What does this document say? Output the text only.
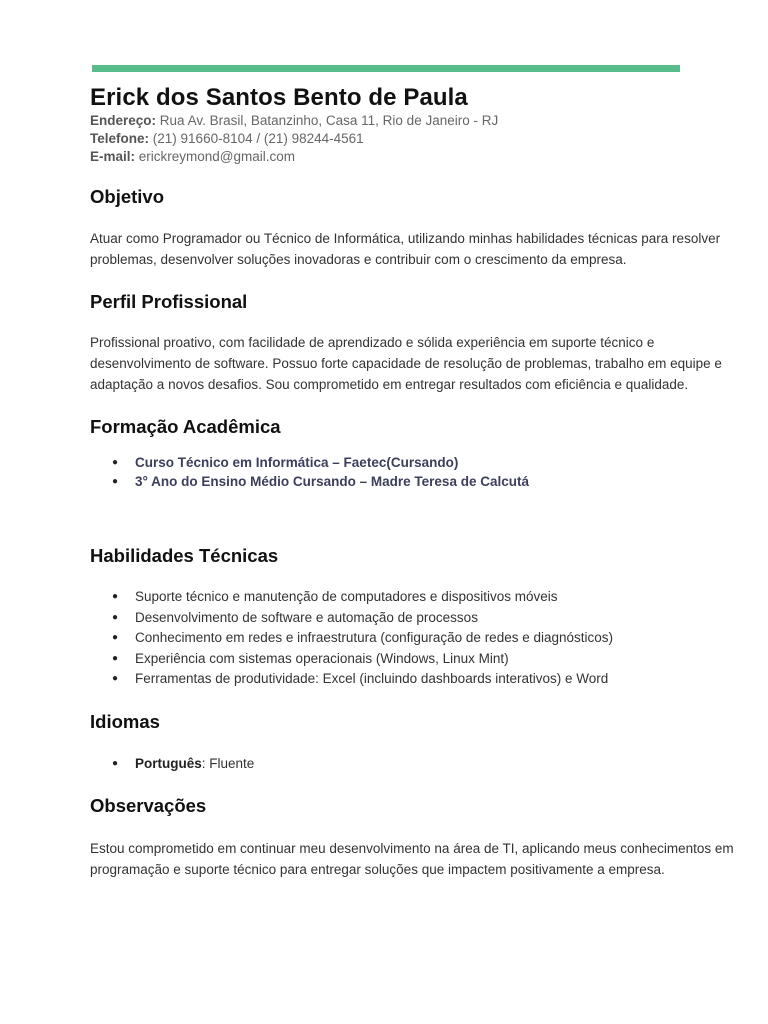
Erick dos Santos Bento de Paula
Endereço: Rua Av. Brasil, Batanzinho, Casa 11, Rio de Janeiro - RJ
Telefone: (21) 91660-8104 / (21) 98244-4561
E-mail: erickreymond@gmail.com
Objetivo
Atuar como Programador ou Técnico de Informática, utilizando minhas habilidades técnicas para resolver problemas, desenvolver soluções inovadoras e contribuir com o crescimento da empresa.
Perfil Profissional
Profissional proativo, com facilidade de aprendizado e sólida experiência em suporte técnico e desenvolvimento de software. Possuo forte capacidade de resolução de problemas, trabalho em equipe e adaptação a novos desafios. Sou comprometido em entregar resultados com eficiência e qualidade.
Formação Acadêmica
● Curso Técnico em Informática – Faetec(Cursando)
● 3° Ano do Ensino Médio Cursando – Madre Teresa de Calcutá
Habilidades Técnicas
● Suporte técnico e manutenção de computadores e dispositivos móveis
● Desenvolvimento de software e automação de processos
● Conhecimento em redes e infraestrutura (configuração de redes e diagnósticos)
● Experiência com sistemas operacionais (Windows, Linux Mint)
● Ferramentas de produtividade: Excel (incluindo dashboards interativos) e Word
Idiomas
● Português: Fluente
Observações
Estou comprometido em continuar meu desenvolvimento na área de TI, aplicando meus conhecimentos em programação e suporte técnico para entregar soluções que impactem positivamente a empresa.
